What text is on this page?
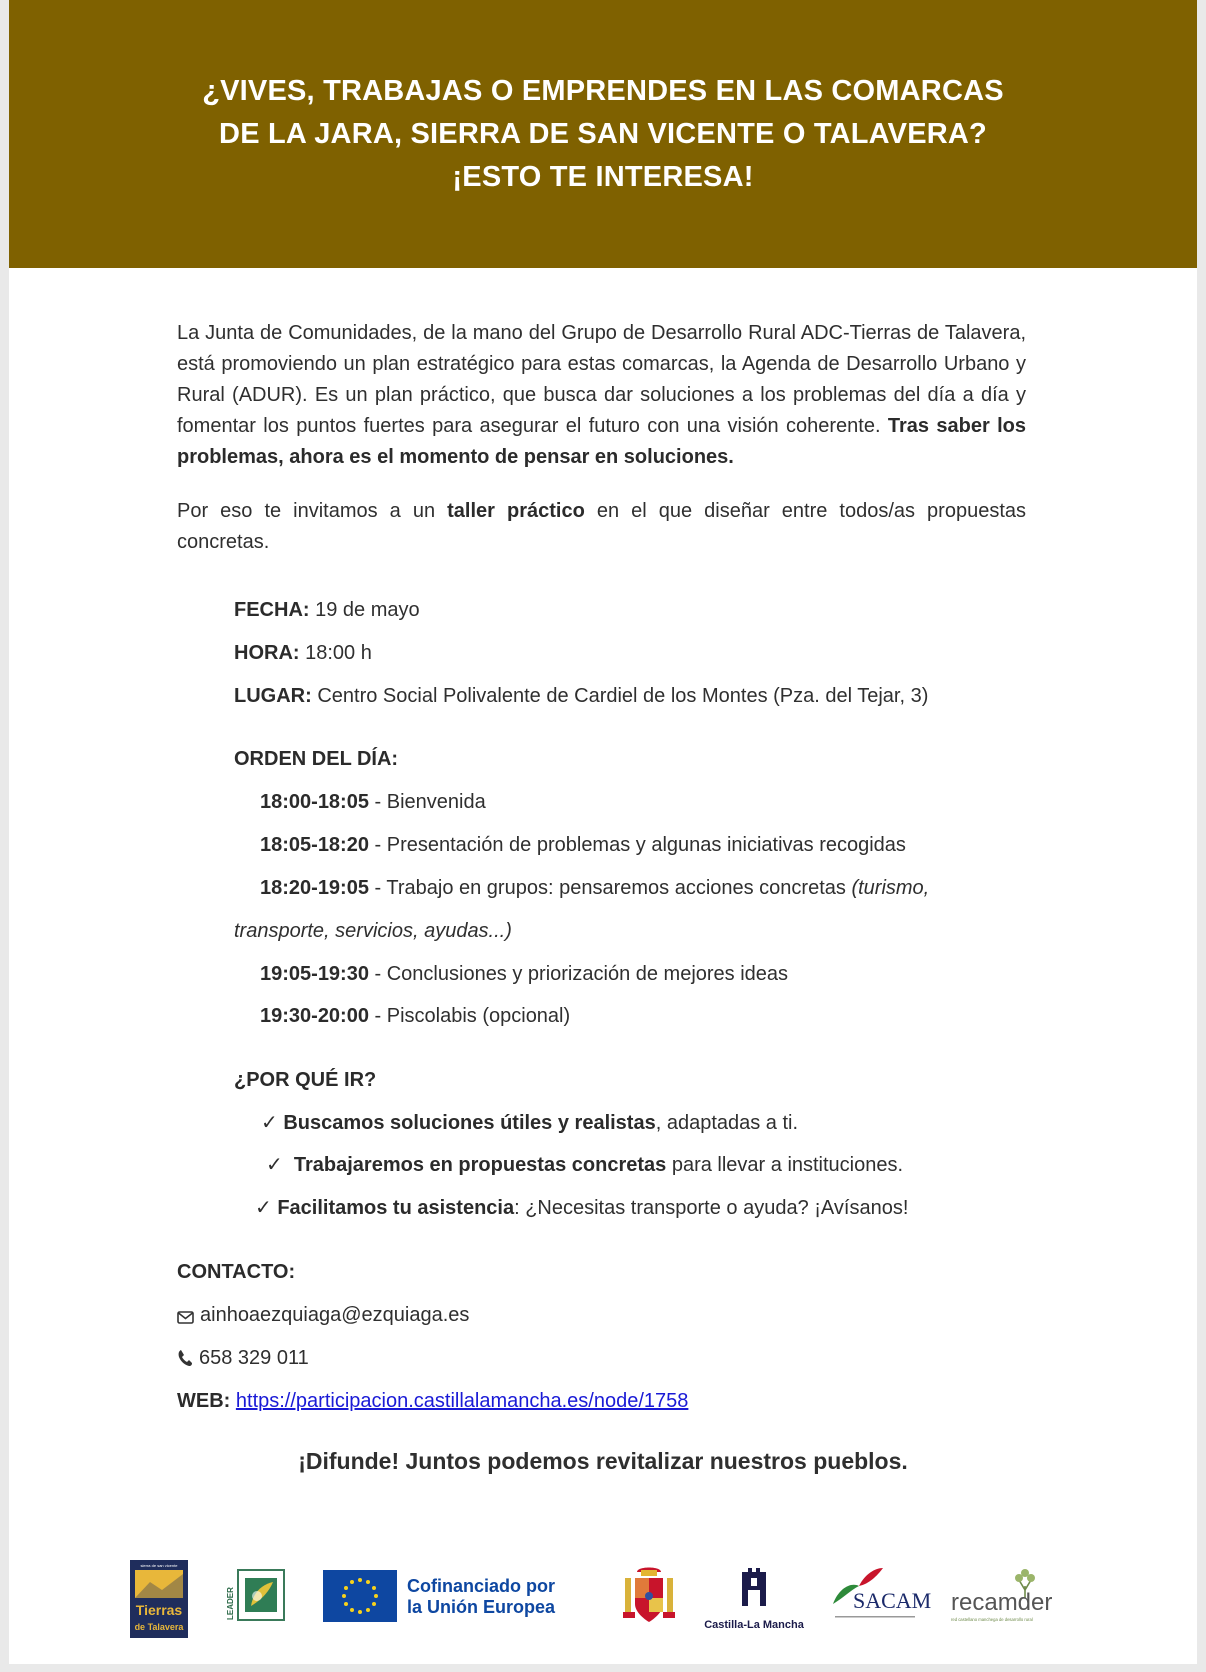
¿VIVES, TRABAJAS O EMPRENDES EN LAS COMARCAS
DE LA JARA, SIERRA DE SAN VICENTE O TALAVERA?
¡ESTO TE INTERESA!

La Junta de Comunidades, de la mano del Grupo de Desarrollo Rural ADC-Tierras de Talavera, está promoviendo un plan estratégico para estas comarcas, la Agenda de Desarrollo Urbano y Rural (ADUR). Es un plan práctico, que busca dar soluciones a los problemas del día a día y fomentar los puntos fuertes para asegurar el futuro con una visión coherente. Tras saber los problemas, ahora es el momento de pensar en soluciones.

Por eso te invitamos a un taller práctico en el que diseñar entre todos/as propuestas concretas.

FECHA: 19 de mayo
HORA: 18:00 h
LUGAR: Centro Social Polivalente de Cardiel de los Montes (Pza. del Tejar, 3)
ORDEN DEL DÍA:
18:00-18:05 - Bienvenida
18:05-18:20 - Presentación de problemas y algunas iniciativas recogidas
18:20-19:05 - Trabajo en grupos: pensaremos acciones concretas (turismo,
transporte, servicios, ayudas...)
19:05-19:30 - Conclusiones y priorización de mejores ideas
19:30-20:00 - Piscolabis (opcional)
¿POR QUÉ IR?
✓ Buscamos soluciones útiles y realistas, adaptadas a ti.
✓ Trabajaremos en propuestas concretas para llevar a instituciones.
✓ Facilitamos tu asistencia: ¿Necesitas transporte o ayuda? ¡Avísanos!
CONTACTO:
ainhoaezquiaga@ezquiaga.es
658 329 011
WEB: https://participacion.castillalamancha.es/node/1758
¡Difunde! Juntos podemos revitalizar nuestros pueblos.
sierra de san vicente
Tierras
de Talavera
LEADER
Cofinanciado por
la Unión Europea
Castilla-La Mancha
SACAM recamder
red castellano manchega de desarrollo rural
